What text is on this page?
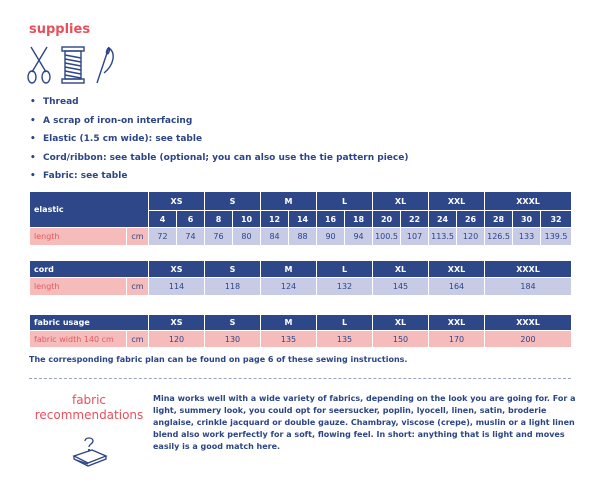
supplies
• Thread
• A scrap of iron-on interfacing
• Elastic (1.5 cm wide): see table
• Cord/ribbon: see table (optional; you can also use the tie pattern piece)
• Fabric: see table
elastic		XS		S		M		L		XL		XXL		XXXL		
		4	6	8	10	12	14	16	18	20	22	24	26	28	30	32
length	cm	72	74	76	80	84	88	90	94	100.5	107	113.5	120	126.5	133	139.5
cord		XS	S	M	L	XL	XXL	XXXL
length	cm	114	118	124	132	145	164	184
fabric usage		XS	S	M	L	XL	XXL	XXXL
fabric width 140 cm	cm	120	130	135	135	150	170	200
The corresponding fabric plan can be found on page 6 of these sewing instructions.
fabric
recommendations
Mina works well with a wide variety of fabrics, depending on the look you are going for. For a light, summery look, you could opt for seersucker, poplin, lyocell, linen, satin, broderie anglaise, crinkle jacquard or double gauze. Chambray, viscose (crepe), muslin or a light linen blend also work perfectly for a soft, flowing feel. In short: anything that is light and moves easily is a good match here.
